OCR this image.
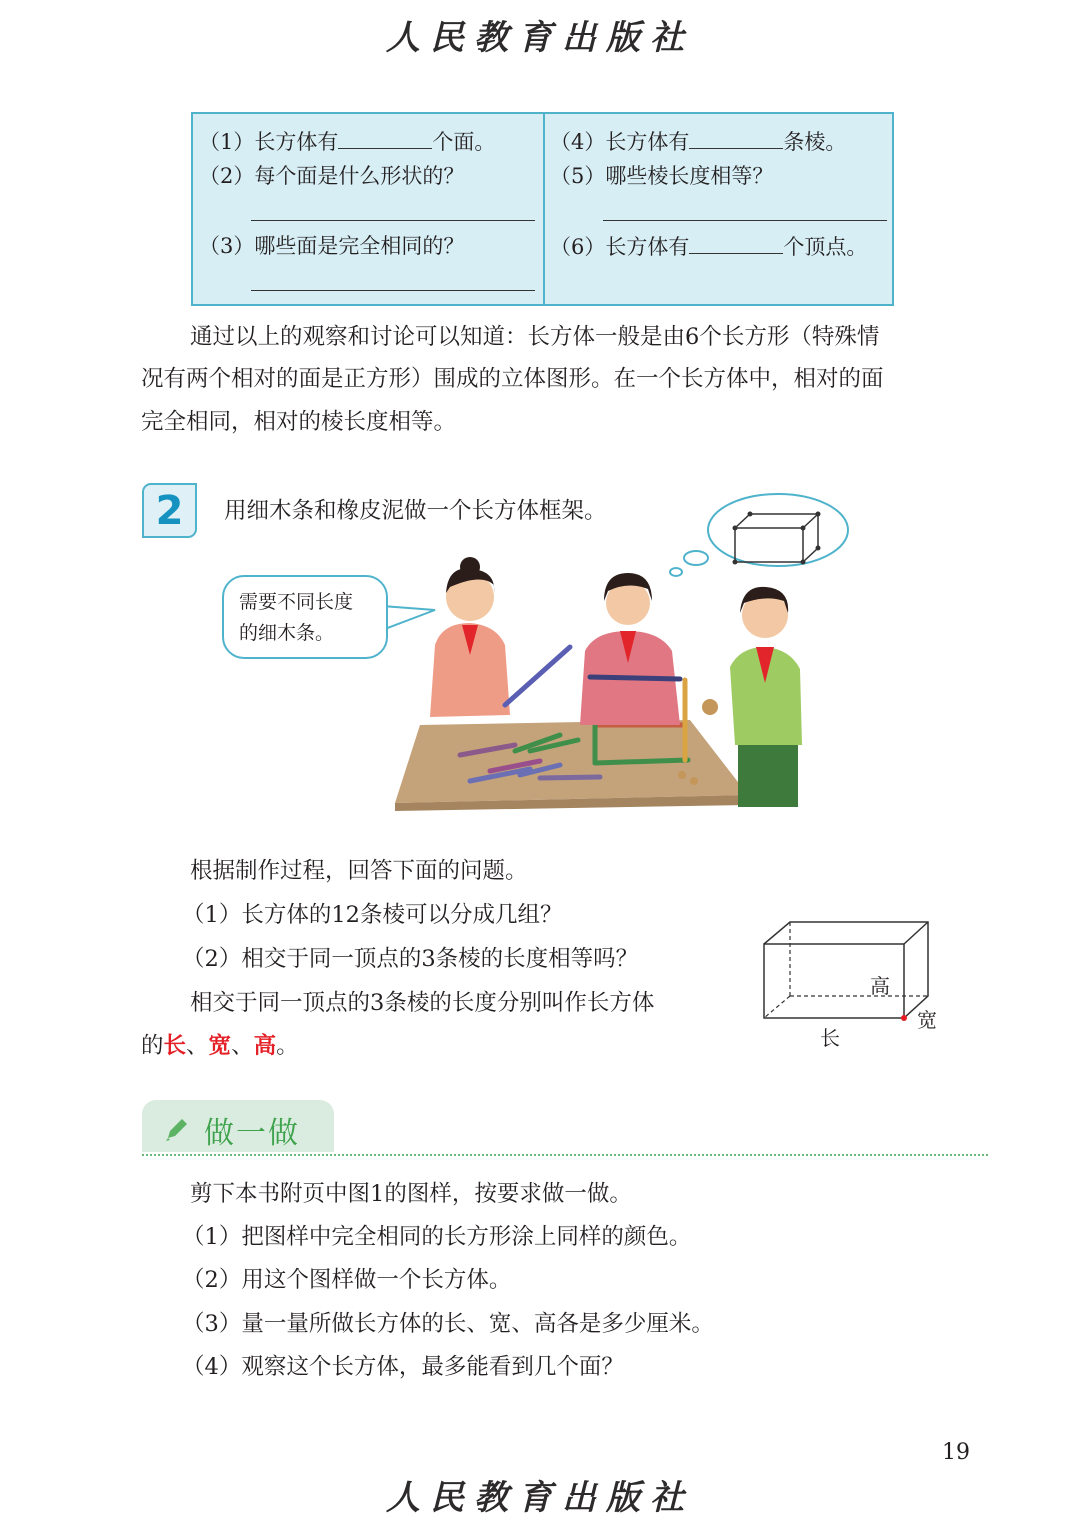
人民教育出版社
（1）长方体有	个面。
（2）每个面是什么形状的？
（3）哪些面是完全相同的？
（4）长方体有	条棱。
（5）哪些棱长度相等？
（6）长方体有	个顶点。
通过以上的观察和讨论可以知道：长方体一般是由6个长方形（特殊情
况有两个相对的面是正方形）围成的立体图形。在一个长方体中，相对的面
完全相同，相对的棱长度相等。
2	用细木条和橡皮泥做一个长方体框架。
需要不同长度
的细木条。
根据制作过程，回答下面的问题。
（1）长方体的12条棱可以分成几组？
（2）相交于同一顶点的3条棱的长度相等吗？
相交于同一顶点的3条棱的长度分别叫作长方体
的长、宽、高。
高
宽
长
做一做
剪下本书附页中图1的图样，按要求做一做。
（1）把图样中完全相同的长方形涂上同样的颜色。
（2）用这个图样做一个长方体。
（3）量一量所做长方体的长、宽、高各是多少厘米。
（4）观察这个长方体，最多能看到几个面？
19
人民教育出版社
